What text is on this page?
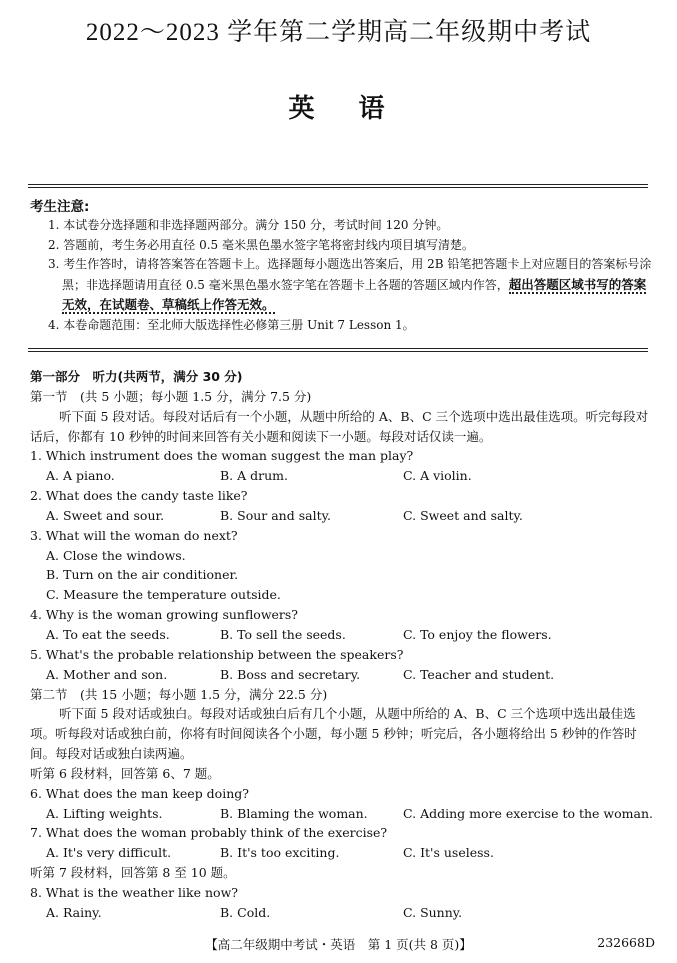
2022～2023 学年第二学期高二年级期中考试
英语
考生注意:
1. 本试卷分选择题和非选择题两部分。满分 150 分，考试时间 120 分钟。
2. 答题前，考生务必用直径 0.5 毫米黑色墨水签字笔将密封线内项目填写清楚。
3. 考生作答时，请将答案答在答题卡上。选择题每小题选出答案后，用 2B 铅笔把答题卡上对应题目的答案标号涂黑；非选择题请用直径 0.5 毫米黑色墨水签字笔在答题卡上各题的答题区域内作答，超出答题区域书写的答案无效，在试题卷、草稿纸上作答无效。
4. 本卷命题范围：至北师大版选择性必修第三册 Unit 7 Lesson 1。
第一部分　听力(共两节，满分 30 分)
第一节　(共 5 小题；每小题 1.5 分，满分 7.5 分)
听下面 5 段对话。每段对话后有一个小题，从题中所给的 A、B、C 三个选项中选出最佳选项。听完每段对话后，你都有 10 秒钟的时间来回答有关小题和阅读下一小题。每段对话仅读一遍。
1. Which instrument does the woman suggest the man play?
A. A piano.	B. A drum.	C. A violin.
2. What does the candy taste like?
A. Sweet and sour.	B. Sour and salty.	C. Sweet and salty.
3. What will the woman do next?
A. Close the windows.
B. Turn on the air conditioner.
C. Measure the temperature outside.
4. Why is the woman growing sunflowers?
A. To eat the seeds.	B. To sell the seeds.	C. To enjoy the flowers.
5. What's the probable relationship between the speakers?
A. Mother and son.	B. Boss and secretary.	C. Teacher and student.
第二节　(共 15 小题；每小题 1.5 分，满分 22.5 分)
听下面 5 段对话或独白。每段对话或独白后有几个小题，从题中所给的 A、B、C 三个选项中选出最佳选项。听每段对话或独白前，你将有时间阅读各个小题，每小题 5 秒钟；听完后，各小题将给出 5 秒钟的作答时间。每段对话或独白读两遍。
听第 6 段材料，回答第 6、7 题。
6. What does the man keep doing?
A. Lifting weights.	B. Blaming the woman.	C. Adding more exercise to the woman.
7. What does the woman probably think of the exercise?
A. It's very difficult.	B. It's too exciting.	C. It's useless.
听第 7 段材料，回答第 8 至 10 题。
8. What is the weather like now?
A. Rainy.	B. Cold.	C. Sunny.
【高二年级期中考试・英语　第 1 页(共 8 页)】	232668D
